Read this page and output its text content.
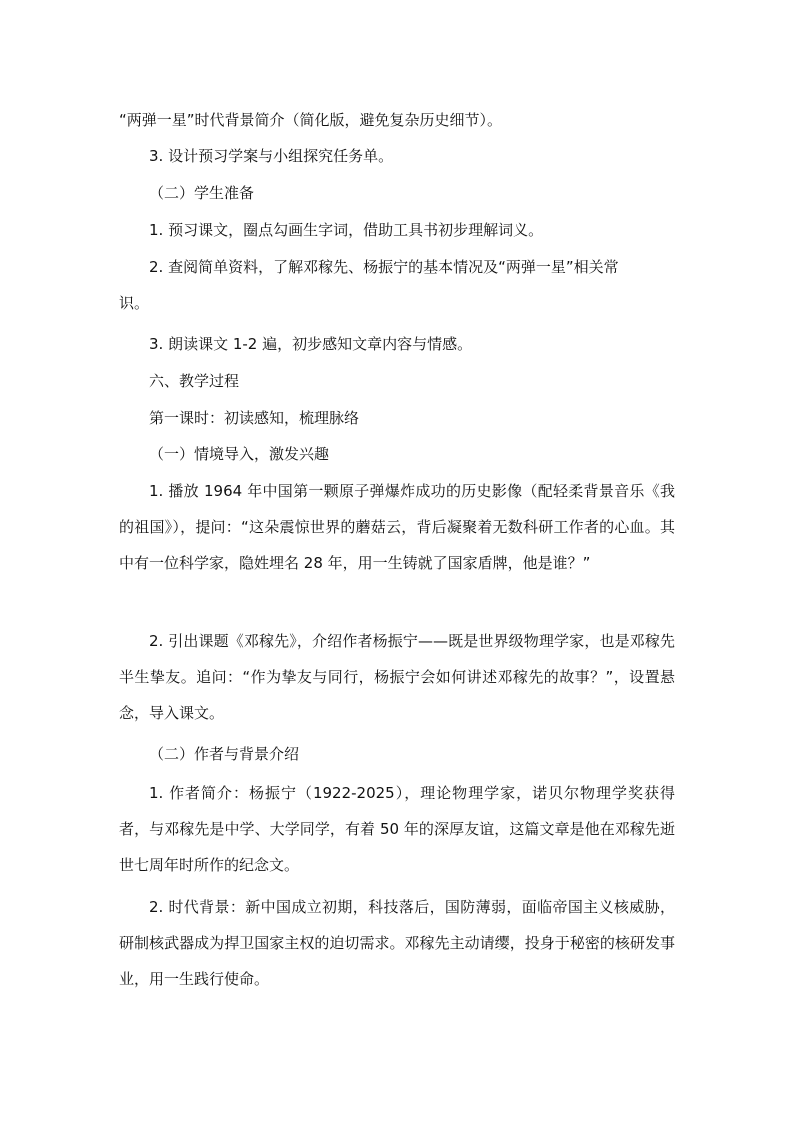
“两弹一星”时代背景简介（简化版，避免复杂历史细节）。
3. 设计预习学案与小组探究任务单。
（二）学生准备
1. 预习课文，圈点勾画生字词，借助工具书初步理解词义。
2. 查阅简单资料，了解邓稼先、杨振宁的基本情况及“两弹一星”相关常
识。
3. 朗读课文 1-2 遍，初步感知文章内容与情感。
六、教学过程
第一课时：初读感知，梳理脉络
（一）情境导入，激发兴趣
1. 播放 1964 年中国第一颗原子弹爆炸成功的历史影像（配轻柔背景音乐《我的祖国》），提问：“这朵震惊世界的蘑菇云，背后凝聚着无数科研工作者的心血。其中有一位科学家，隐姓埋名 28 年，用一生铸就了国家盾牌，他是谁？”
2. 引出课题《邓稼先》，介绍作者杨振宁——既是世界级物理学家，也是邓稼先半生挚友。追问：“作为挚友与同行，杨振宁会如何讲述邓稼先的故事？”，设置悬念，导入课文。
（二）作者与背景介绍
1. 作者简介：杨振宁（1922-2025），理论物理学家，诺贝尔物理学奖获得者，与邓稼先是中学、大学同学，有着 50 年的深厚友谊，这篇文章是他在邓稼先逝世七周年时所作的纪念文。
2. 时代背景：新中国成立初期，科技落后，国防薄弱，面临帝国主义核威胁，研制核武器成为捍卫国家主权的迫切需求。邓稼先主动请缨，投身于秘密的核研发事业，用一生践行使命。
